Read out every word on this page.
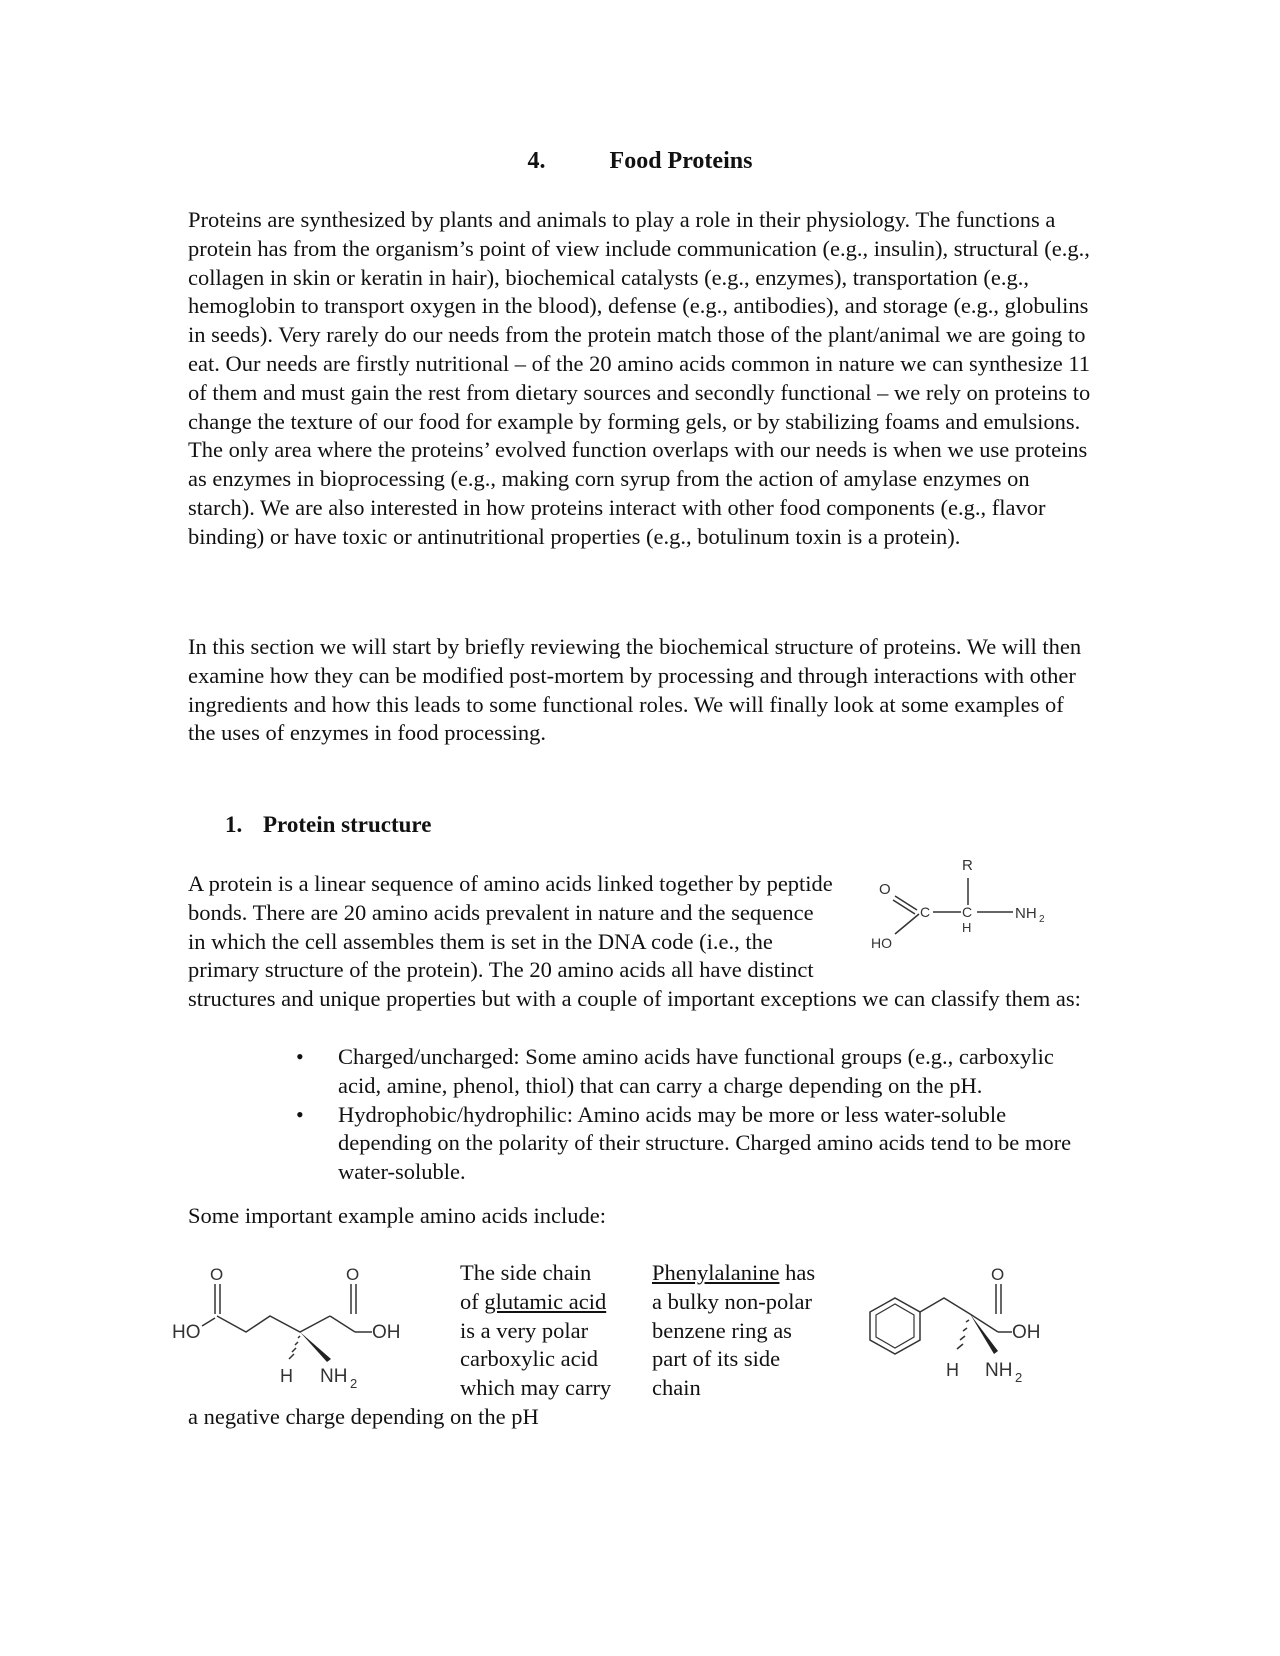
4.	Food Proteins

Proteins are synthesized by plants and animals to play a role in their physiology. The functions a protein has from the organism’s point of view include communication (e.g., insulin), structural (e.g., collagen in skin or keratin in hair), biochemical catalysts (e.g., enzymes), transportation (e.g., hemoglobin to transport oxygen in the blood), defense (e.g., antibodies), and storage (e.g., globulins in seeds). Very rarely do our needs from the protein match those of the plant/animal we are going to eat. Our needs are firstly nutritional – of the 20 amino acids common in nature we can synthesize 11 of them and must gain the rest from dietary sources and secondly functional – we rely on proteins to change the texture of our food for example by forming gels, or by stabilizing foams and emulsions. The only area where the proteins’ evolved function overlaps with our needs is when we use proteins as enzymes in bioprocessing (e.g., making corn syrup from the action of amylase enzymes on starch). We are also interested in how proteins interact with other food components (e.g., flavor binding) or have toxic or antinutritional properties (e.g., botulinum toxin is a protein).

In this section we will start by briefly reviewing the biochemical structure of proteins. We will then examine how they can be modified post-mortem by processing and through interactions with other ingredients and how this leads to some functional roles. We will finally look at some examples of the uses of enzymes in food processing.

1. Protein structure
O
C C
R
H
NH 2
HO
A protein is a linear sequence of amino acids linked together by peptide bonds. There are 20 amino acids prevalent in nature and the sequence in which the cell assembles them is set in the DNA code (i.e., the primary structure of the protein). The 20 amino acids all have distinct structures and unique properties but with a couple of important exceptions we can classify them as:
• Charged/uncharged: Some amino acids have functional groups (e.g., carboxylic acid, amine, phenol, thiol) that can carry a charge depending on the pH.
• Hydrophobic/hydrophilic: Amino acids may be more or less water-soluble depending on the polarity of their structure. Charged amino acids tend to be more water-soluble.
Some important example amino acids include:
O	O
HO	OH
H NH 2
The side chain
of glutamic acid
is a very polar
carboxylic acid
which may carry
a negative charge depending on the pH
Phenylalanine has
a bulky non-polar
benzene ring as
part of its side
chain
O
OH
H NH 2
